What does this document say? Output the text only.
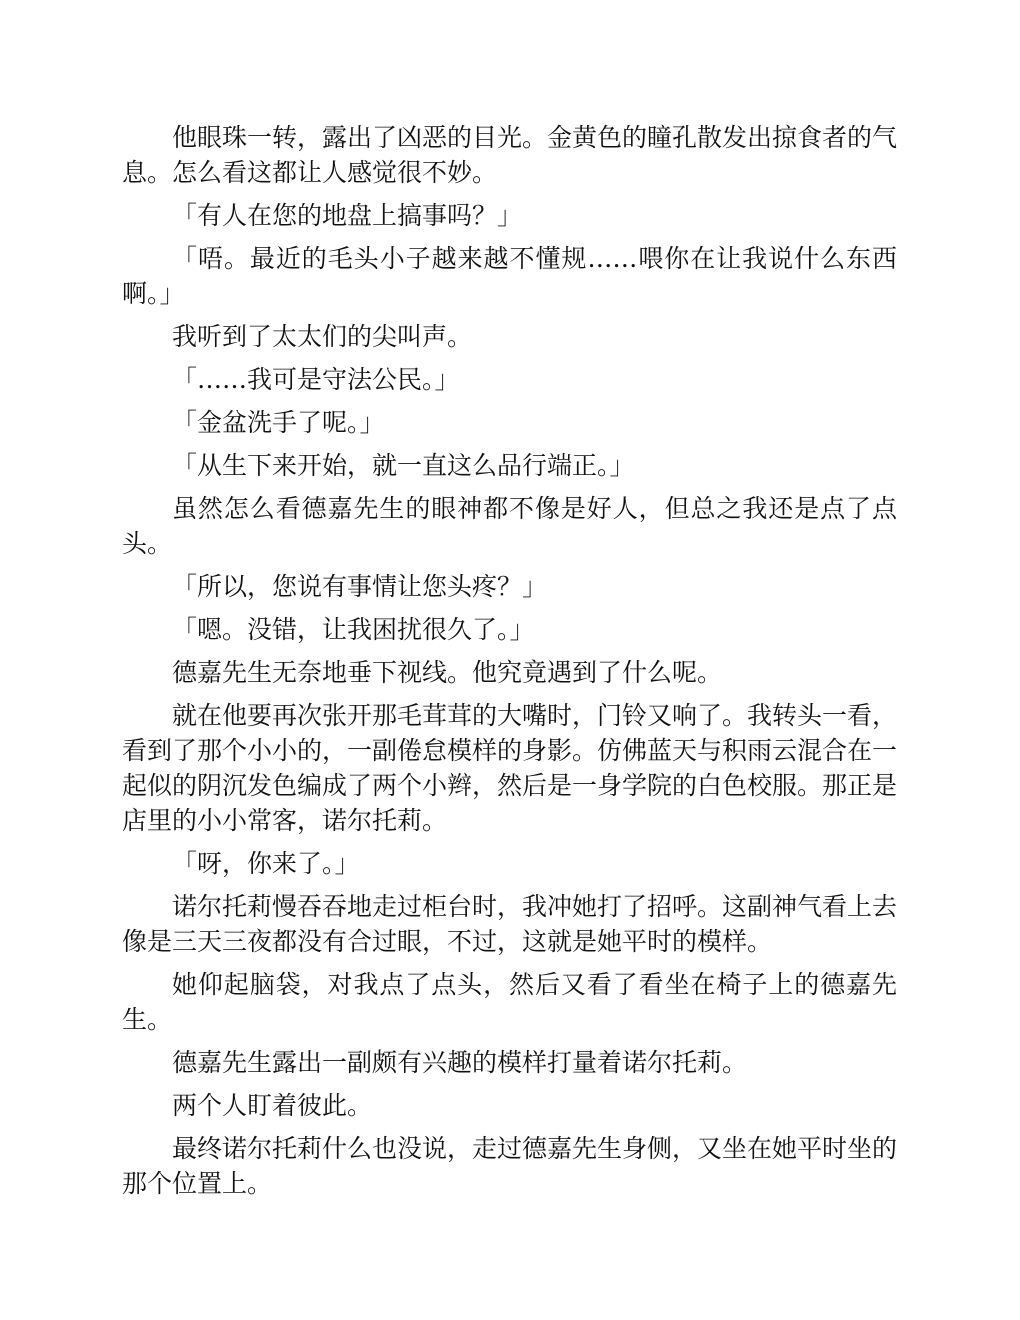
他眼珠一转，露出了凶恶的目光。金黄色的瞳孔散发出掠食者的气息。怎么看这都让人感觉很不妙。

「有人在您的地盘上搞事吗？」

「唔。最近的毛头小子越来越不懂规……喂你在让我说什么东西啊。」

我听到了太太们的尖叫声。

「……我可是守法公民。」

「金盆洗手了呢。」

「从生下来开始，就一直这么品行端正。」

虽然怎么看德嘉先生的眼神都不像是好人，但总之我还是点了点头。

「所以，您说有事情让您头疼？」

「嗯。没错，让我困扰很久了。」

德嘉先生无奈地垂下视线。他究竟遇到了什么呢。

就在他要再次张开那毛茸茸的大嘴时，门铃又响了。我转头一看，看到了那个小小的，一副倦怠模样的身影。仿佛蓝天与积雨云混合在一起似的阴沉发色编成了两个小辫，然后是一身学院的白色校服。那正是店里的小小常客，诺尔托莉。

「呀，你来了。」

诺尔托莉慢吞吞地走过柜台时，我冲她打了招呼。这副神气看上去像是三天三夜都没有合过眼，不过，这就是她平时的模样。

她仰起脑袋，对我点了点头，然后又看了看坐在椅子上的德嘉先生。

德嘉先生露出一副颇有兴趣的模样打量着诺尔托莉。

两个人盯着彼此。

最终诺尔托莉什么也没说，走过德嘉先生身侧，又坐在她平时坐的那个位置上。
